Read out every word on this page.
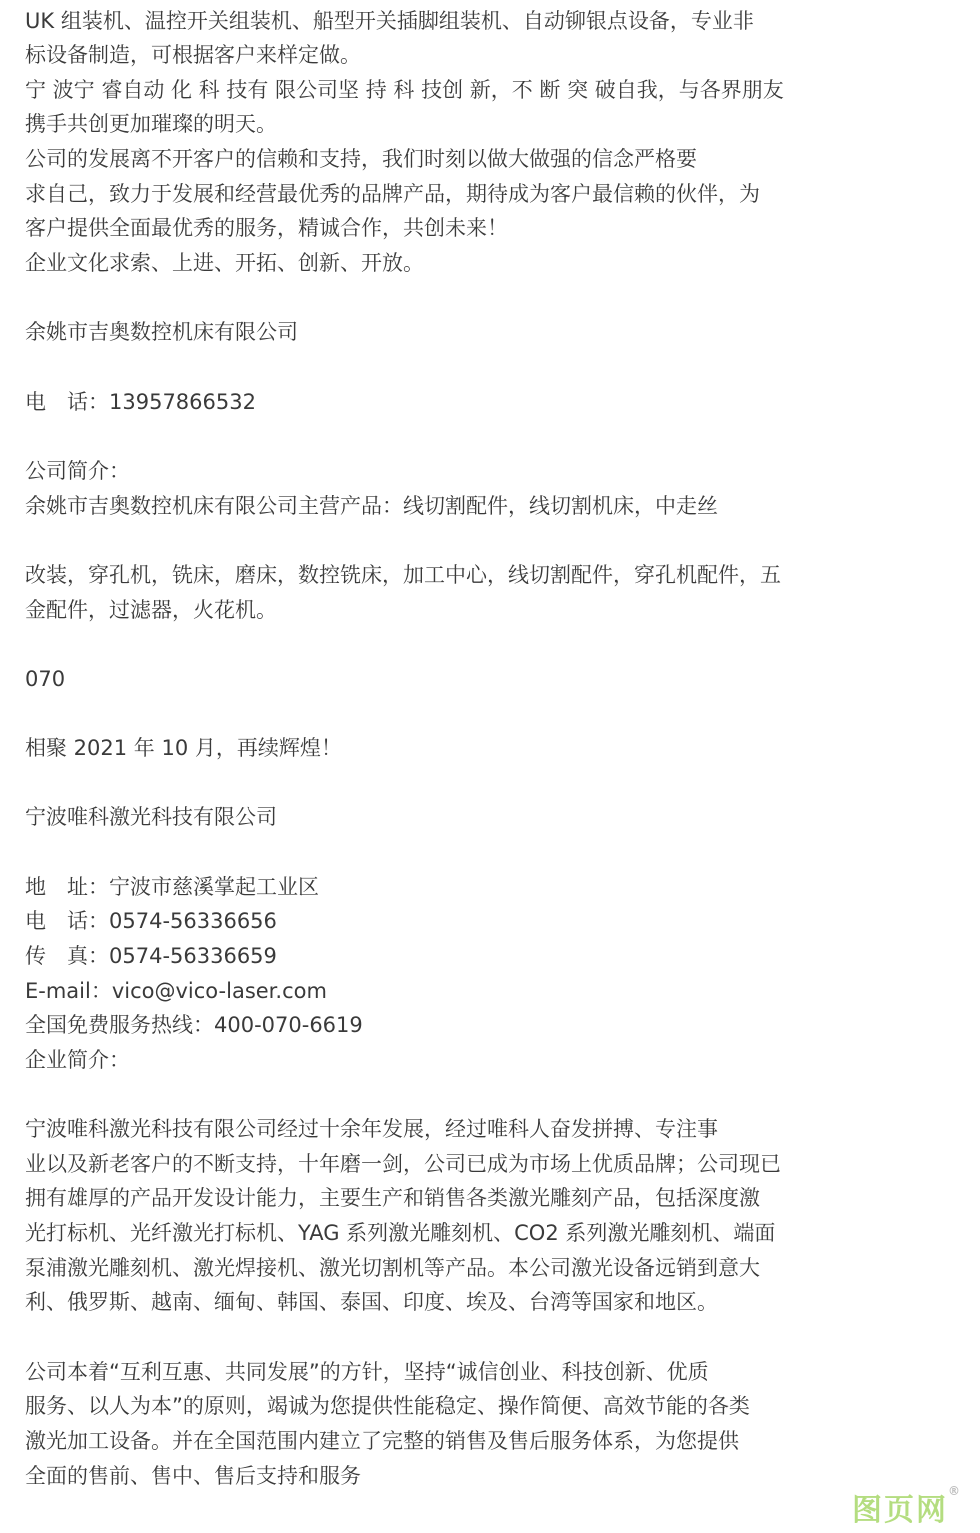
UK 组装机、温控开关组装机、船型开关插脚组装机、自动铆银点设备，专业非
标设备制造，可根据客户来样定做。
宁 波宁 睿自动 化 科 技有 限公司坚 持 科 技创 新，不 断 突 破自我，与各界朋友
携手共创更加璀璨的明天。
公司的发展离不开客户的信赖和支持，我们时刻以做大做强的信念严格要
求自己，致力于发展和经营最优秀的品牌产品，期待成为客户最信赖的伙伴，为
客户提供全面最优秀的服务，精诚合作，共创未来！
企业文化求索、上进、开拓、创新、开放。
余姚市吉奥数控机床有限公司
电　话：13957866532
公司简介：
余姚市吉奥数控机床有限公司主营产品：线切割配件，线切割机床，中走丝
改装，穿孔机，铣床，磨床，数控铣床，加工中心，线切割配件，穿孔机配件，五
金配件，过滤器，火花机。
070
相聚 2021 年 10 月，再续辉煌！
宁波唯科激光科技有限公司
地　址：宁波市慈溪掌起工业区
电　话：0574-56336656
传　真：0574-56336659
E-mail：vico@vico-laser.com
全国免费服务热线：400-070-6619
企业简介：
宁波唯科激光科技有限公司经过十余年发展，经过唯科人奋发拼搏、专注事
业以及新老客户的不断支持，十年磨一剑，公司已成为市场上优质品牌；公司现已
拥有雄厚的产品开发设计能力，主要生产和销售各类激光雕刻产品，包括深度激
光打标机、光纤激光打标机、YAG 系列激光雕刻机、CO2 系列激光雕刻机、端面
泵浦激光雕刻机、激光焊接机、激光切割机等产品。本公司激光设备远销到意大
利、俄罗斯、越南、缅甸、韩国、泰国、印度、埃及、台湾等国家和地区。
公司本着“互利互惠、共同发展”的方针，坚持“诚信创业、科技创新、优质
服务、以人为本”的原则，竭诚为您提供性能稳定、操作简便、高效节能的各类
激光加工设备。并在全国范围内建立了完整的销售及售后服务体系，为您提供
全面的售前、售中、售后支持和服务
图页网®
